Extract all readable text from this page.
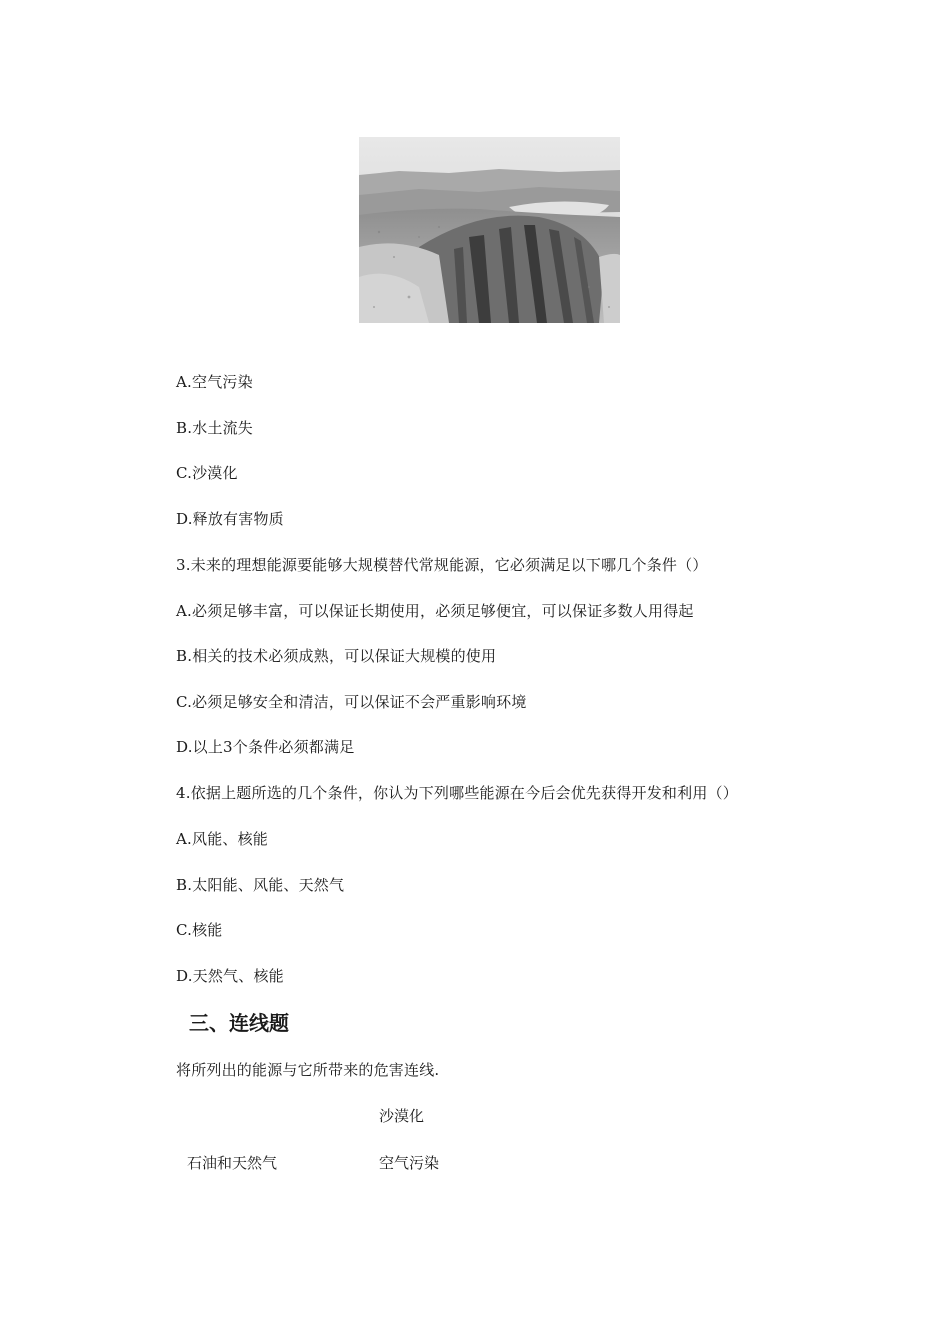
A.空气污染
B.水土流失
C.沙漠化
D.释放有害物质
3.未来的理想能源要能够大规模替代常规能源，它必须满足以下哪几个条件（）
A.必须足够丰富，可以保证长期使用，必须足够便宜，可以保证多数人用得起
B.相关的技术必须成熟，可以保证大规模的使用
C.必须足够安全和清洁，可以保证不会严重影响环境
D.以上3个条件必须都满足
4.依据上题所选的几个条件，你认为下列哪些能源在今后会优先获得开发和利用（）
A.风能、核能
B.太阳能、风能、天然气
C.核能
D.天然气、核能
三、连线题
将所列出的能源与它所带来的危害连线.
沙漠化
石油和天然气	空气污染
